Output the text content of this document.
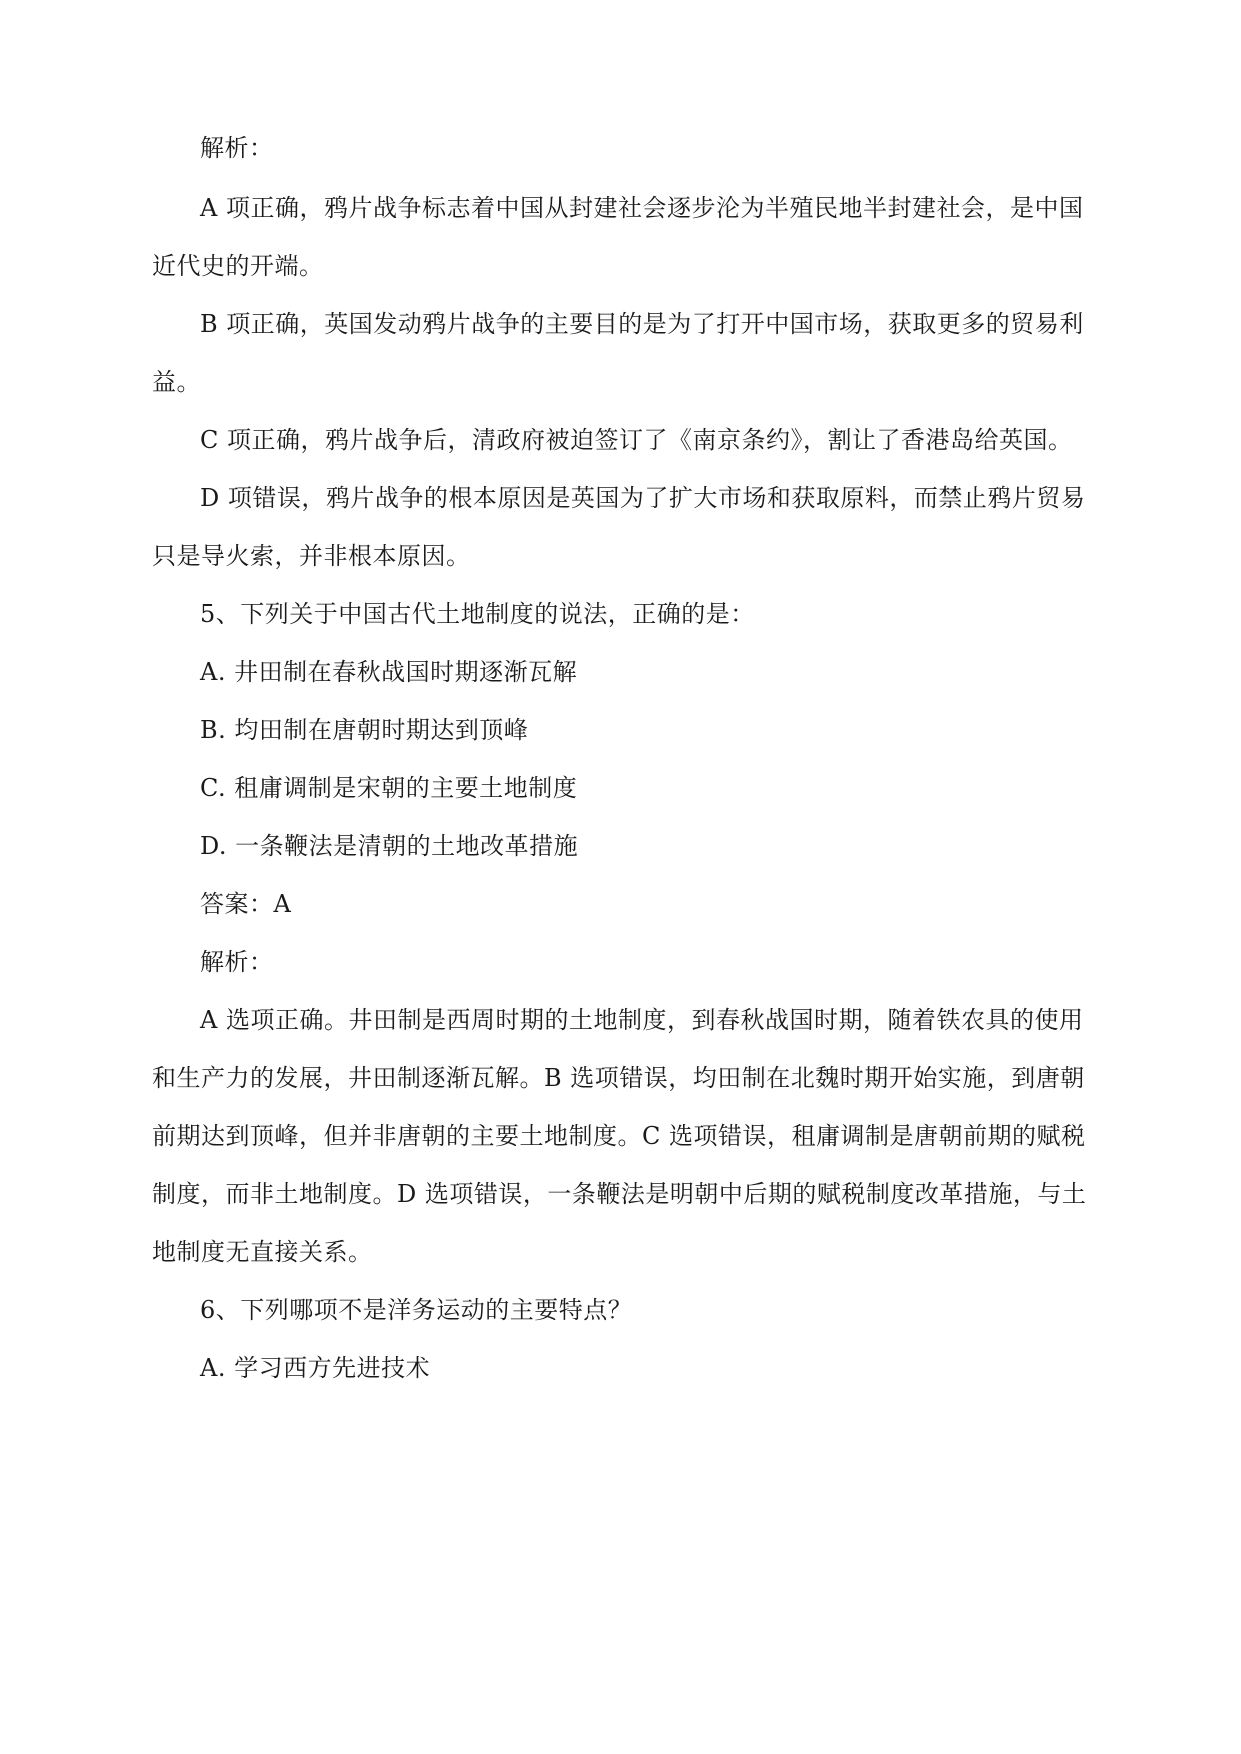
解析：
A 项正确，鸦片战争标志着中国从封建社会逐步沦为半殖民地半封建社会，是中国
近代史的开端。
B 项正确，英国发动鸦片战争的主要目的是为了打开中国市场，获取更多的贸易利
益。
C 项正确，鸦片战争后，清政府被迫签订了《南京条约》，割让了香港岛给英国。
D 项错误，鸦片战争的根本原因是英国为了扩大市场和获取原料，而禁止鸦片贸易
只是导火索，并非根本原因。
5、下列关于中国古代土地制度的说法，正确的是：
A. 井田制在春秋战国时期逐渐瓦解
B. 均田制在唐朝时期达到顶峰
C. 租庸调制是宋朝的主要土地制度
D. 一条鞭法是清朝的土地改革措施
答案：A
解析：
A 选项正确。井田制是西周时期的土地制度，到春秋战国时期，随着铁农具的使用
和生产力的发展，井田制逐渐瓦解。B 选项错误，均田制在北魏时期开始实施，到唐朝
前期达到顶峰，但并非唐朝的主要土地制度。C 选项错误，租庸调制是唐朝前期的赋税
制度，而非土地制度。D 选项错误，一条鞭法是明朝中后期的赋税制度改革措施，与土
地制度无直接关系。
6、下列哪项不是洋务运动的主要特点？
A. 学习西方先进技术
